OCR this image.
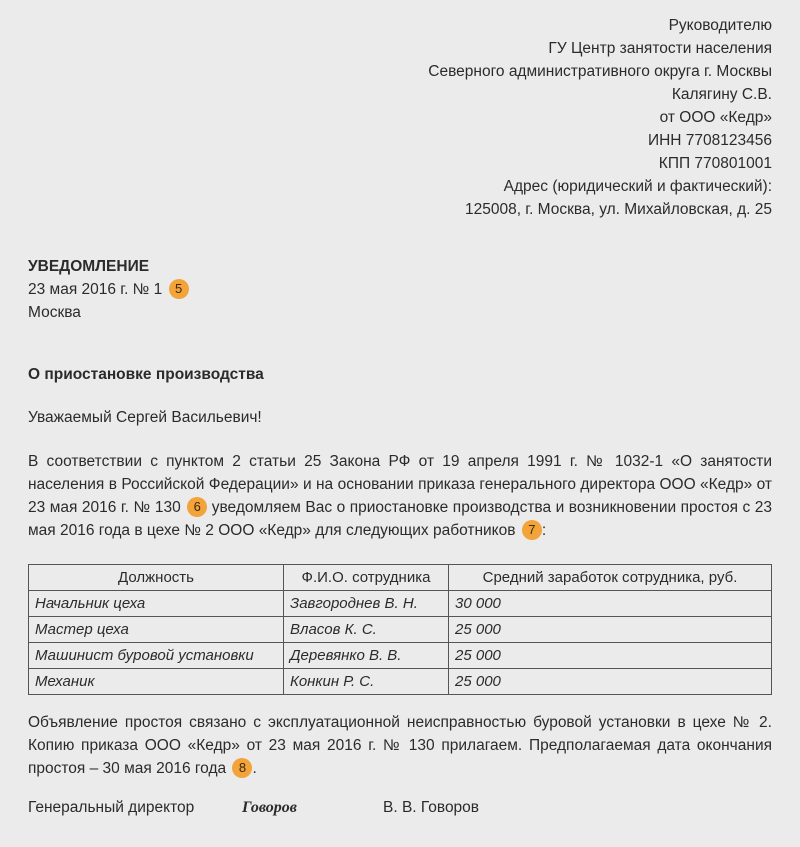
Руководителю
ГУ Центр занятости населения
Северного административного округа г. Москвы
Калягину С.В.
от ООО «Кедр»
ИНН 7708123456
КПП 770801001
Адрес (юридический и фактический):
125008, г. Москва, ул. Михайловская, д. 25
УВЕДОМЛЕНИЕ
23 мая 2016 г. № 1 5
Москва
О приостановке производства
Уважаемый Сергей Васильевич!
В соответствии с пунктом 2 статьи 25 Закона РФ от 19 апреля 1991 г. № 1032-1 «О занятости населения в Российской Федерации» и на основании приказа генерального директора ООО «Кедр» от 23 мая 2016 г. № 130 6 уведомляем Вас о приостановке производства и возникновении простоя с 23 мая 2016 года в цехе № 2 ООО «Кедр» для следующих работников 7 :
Должность	Ф.И.О. сотрудника	Средний заработок сотрудника, руб.
Начальник цеха	Завгороднев В. Н.	30 000
Мастер цеха	Власов К. С.	25 000
Машинист буровой установки	Деревянко В. В.	25 000
Механик	Конкин Р. С.	25 000
Объявление простоя связано с эксплуатационной неисправностью буровой установки в цехе № 2. Копию приказа ООО «Кедр» от 23 мая 2016 г. № 130 прилагаем. Предполагаемая дата окончания простоя – 30 мая 2016 года 8 .
Генеральный директор	Говоров	В. В. Говоров
